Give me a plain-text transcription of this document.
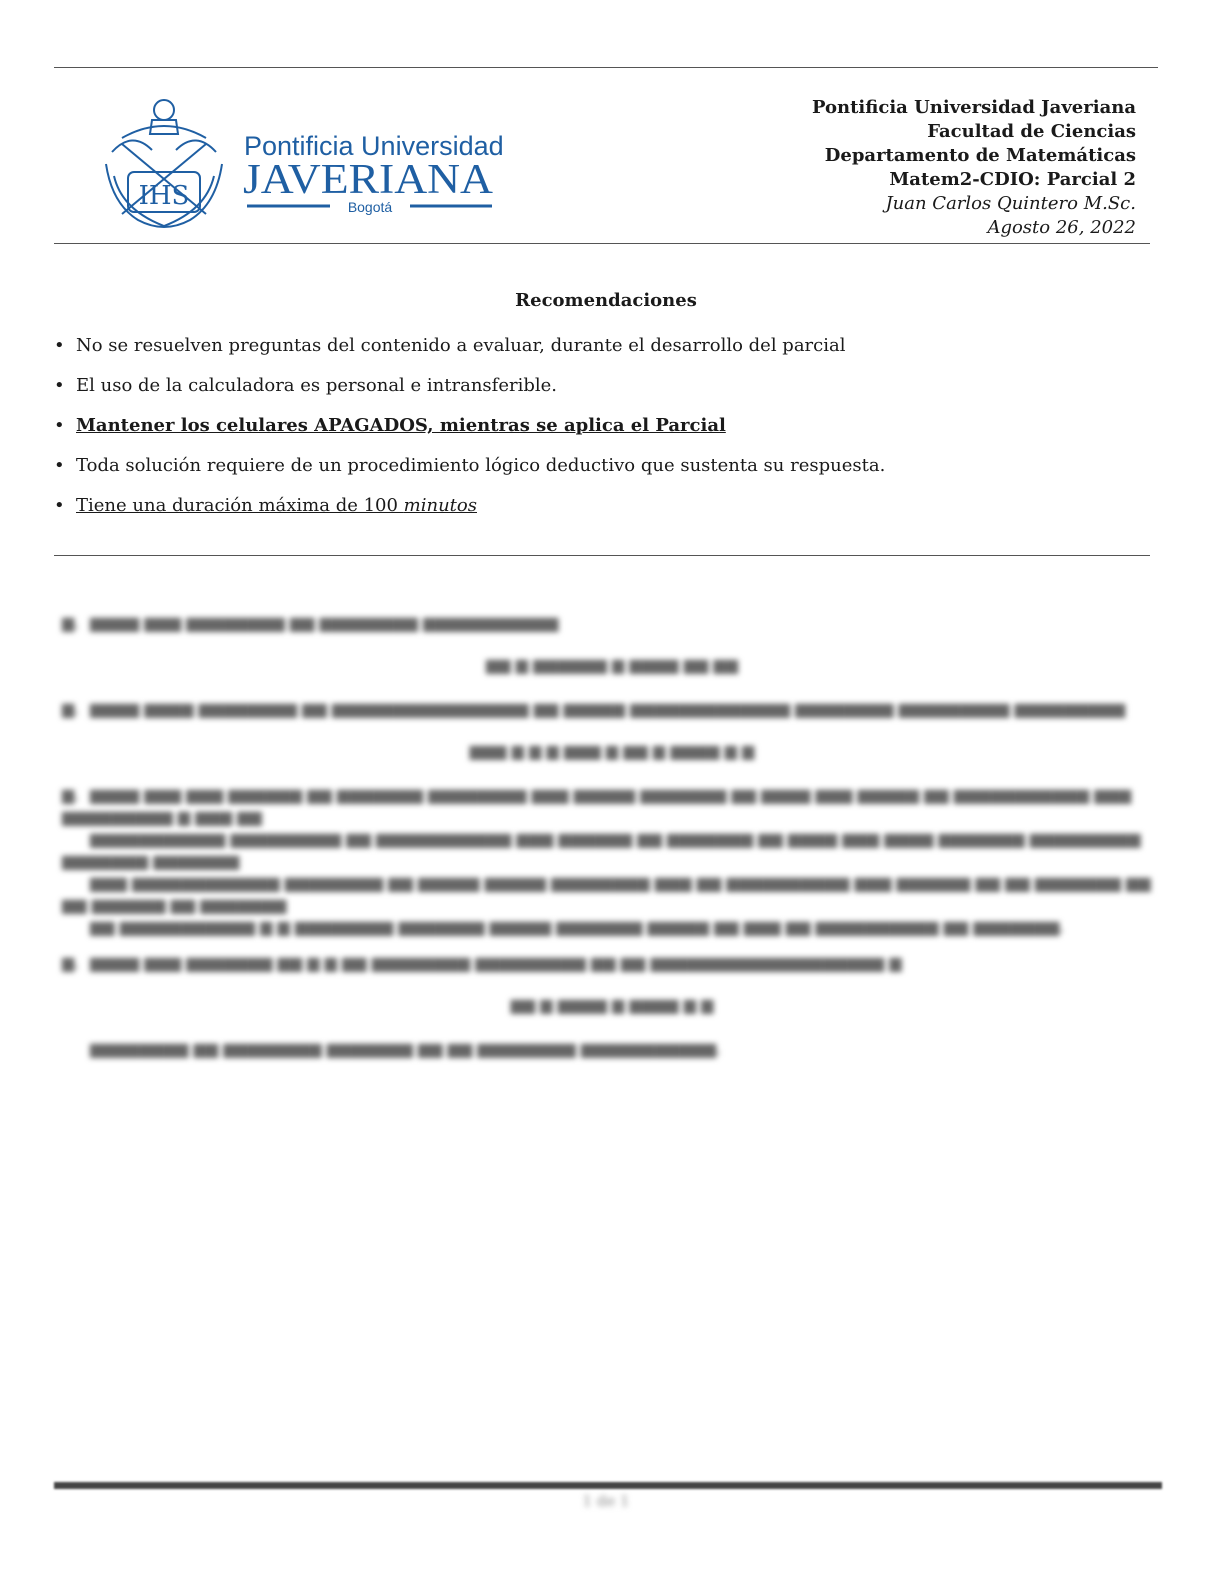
IHS
Pontificia Universidad
JAVERIANA
Bogotá
Pontificia Universidad Javeriana
Facultad de Ciencias
Departamento de Matemáticas
Matem2-CDIO: Parcial 2
Juan Carlos Quintero M.Sc.
Agosto 26, 2022
Recomendaciones
• No se resuelven preguntas del contenido a evaluar, durante el desarrollo del parcial
• El uso de la calculadora es personal e intransferible.
• Mantener los celulares APAGADOS, mientras se aplica el Parcial
• Toda solución requiere de un procedimiento lógico deductivo que sustenta su respuesta.
• Tiene una duración máxima de 100 minutos
▆. ▆▆▆▆ ▆▆▆ ▆▆▆▆▆▆▆▆ ▆▆ ▆▆▆▆▆▆▆▆ ▆▆▆▆▆▆▆▆▆▆▆
▆▆ ▆ ▆▆▆▆▆▆ ▆ ▆▆▆▆ ▆▆ ▆▆
▆. ▆▆▆▆ ▆▆▆▆ ▆▆▆▆▆▆▆▆ ▆▆ ▆▆▆▆▆▆▆▆▆▆▆▆▆▆▆▆ ▆▆ ▆▆▆▆▆ ▆▆▆▆▆▆▆▆▆▆▆▆▆ ▆▆▆▆▆▆▆▆ ▆▆▆▆▆▆▆▆▆ ▆▆▆▆▆▆▆▆▆
▆▆▆ ▆ ▆ ▆ ▆▆▆ ▆ ▆▆ ▆ ▆▆▆▆ ▆ ▆
▆. ▆▆▆▆ ▆▆▆ ▆▆▆ ▆▆▆▆▆▆ ▆▆ ▆▆▆▆▆▆▆ ▆▆▆▆▆▆▆▆ ▆▆▆ ▆▆▆▆▆ ▆▆▆▆▆▆▆ ▆▆ ▆▆▆▆ ▆▆▆ ▆▆▆▆▆ ▆▆ ▆▆▆▆▆▆▆▆▆▆▆ ▆▆▆ ▆▆▆▆▆▆▆▆▆ ▆ ▆▆▆ ▆▆
▆▆▆▆▆▆▆▆▆▆▆ ▆▆▆▆▆▆▆▆▆ ▆▆ ▆▆▆▆▆▆▆▆▆▆▆ ▆▆▆ ▆▆▆▆▆▆ ▆▆ ▆▆▆▆▆▆▆ ▆▆ ▆▆▆▆ ▆▆▆ ▆▆▆▆ ▆▆▆▆▆▆▆ ▆▆▆▆▆▆▆▆▆ ▆▆▆▆▆▆▆ ▆▆▆▆▆▆▆
▆▆▆ ▆▆▆▆▆▆▆▆▆▆▆▆ ▆▆▆▆▆▆▆▆ ▆▆ ▆▆▆▆▆ ▆▆▆▆▆ ▆▆▆▆▆▆▆▆ ▆▆▆ ▆▆ ▆▆▆▆▆▆▆▆▆▆ ▆▆▆ ▆▆▆▆▆▆ ▆▆ ▆▆ ▆▆▆▆▆▆▆ ▆▆ ▆▆ ▆▆▆▆▆▆ ▆▆ ▆▆▆▆▆▆▆
▆▆ ▆▆▆▆▆▆▆▆▆▆▆ ▆ ▆ ▆▆▆▆▆▆▆▆ ▆▆▆▆▆▆▆ ▆▆▆▆▆ ▆▆▆▆▆▆▆ ▆▆▆▆▆ ▆▆ ▆▆▆ ▆▆ ▆▆▆▆▆▆▆▆▆▆ ▆▆ ▆▆▆▆▆▆▆.
▆. ▆▆▆▆ ▆▆▆ ▆▆▆▆▆▆▆ ▆▆ ▆ ▆ ▆▆ ▆▆▆▆▆▆▆▆ ▆▆▆▆▆▆▆▆▆ ▆▆ ▆▆ ▆▆▆▆▆▆▆▆▆▆▆▆▆▆▆▆▆▆▆ ▆
▆▆ ▆ ▆▆▆▆ ▆ ▆▆▆▆ ▆ ▆
▆▆▆▆▆▆▆▆ ▆▆ ▆▆▆▆▆▆▆▆ ▆▆▆▆▆▆▆ ▆▆ ▆▆ ▆▆▆▆▆▆▆▆ ▆▆▆▆▆▆▆▆▆▆▆.
1 de 1
